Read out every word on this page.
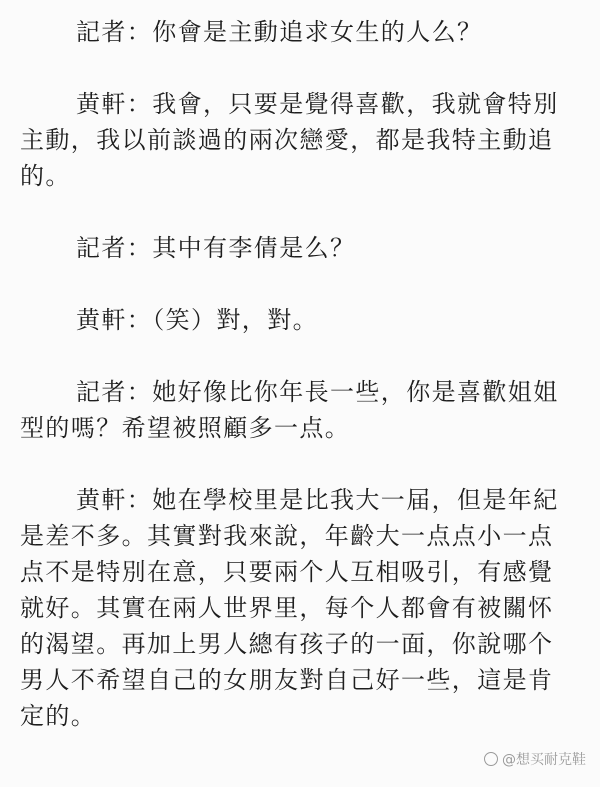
記者：你會是主動追求女生的人么？
黄軒：我會，只要是覺得喜歡，我就會特別
主動，我以前談過的兩次戀愛，都是我特主動追
的。
記者：其中有李倩是么？
黄軒：（笑）對，對。
記者：她好像比你年長一些，你是喜歡姐姐
型的嗎？希望被照顧多一点。
黄軒：她在學校里是比我大一届，但是年紀
是差不多。其實對我來說，年齡大一点点小一点
点不是特別在意，只要兩个人互相吸引，有感覺
就好。其實在兩人世界里，每个人都會有被關怀
的渴望。再加上男人總有孩子的一面，你說哪个
男人不希望自己的女朋友對自己好一些，這是肯
定的。
@想买耐克鞋
